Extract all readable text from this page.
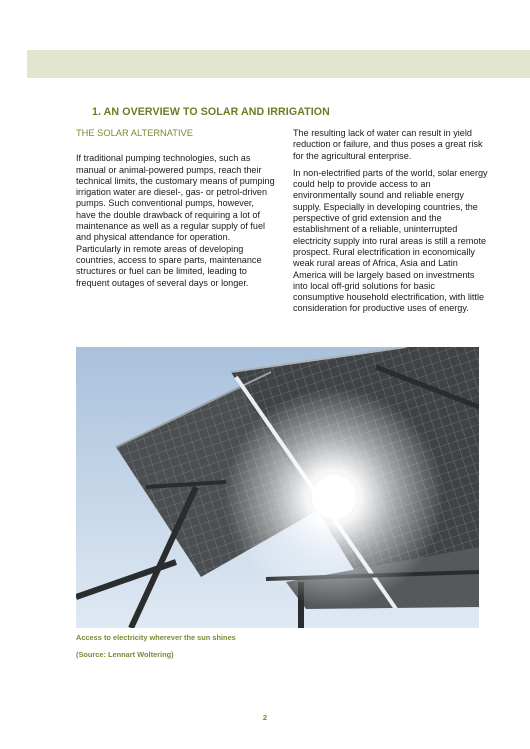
1. AN OVERVIEW TO SOLAR AND IRRIGATION
THE SOLAR ALTERNATIVE

If traditional pumping technologies, such as manual or animal-powered pumps, reach their technical limits, the customary means of pumping irrigation water are diesel-, gas- or petrol-driven pumps. Such conventional pumps, however, have the double drawback of requiring a lot of maintenance as well as a regular supply of fuel and physical attendance for operation. Particularly in remote areas of developing countries, access to spare parts, maintenance structures or fuel can be limited, leading to frequent outages of several days or longer.

The resulting lack of water can result in yield reduction or failure, and thus poses a great risk for the agricultural enterprise.

In non-electrified parts of the world, solar energy could help to provide access to an environmentally sound and reliable energy supply. Especially in developing countries, the perspective of grid extension and the establishment of a reliable, uninterrupted electricity supply into rural areas is still a remote prospect. Rural electrification in economically weak rural areas of Africa, Asia and Latin America will be largely based on investments into local off-grid solutions for basic consumptive household electrification, with little consideration for productive uses of energy.

Access to electricity wherever the sun shines
(Source: Lennart Woltering)
2
